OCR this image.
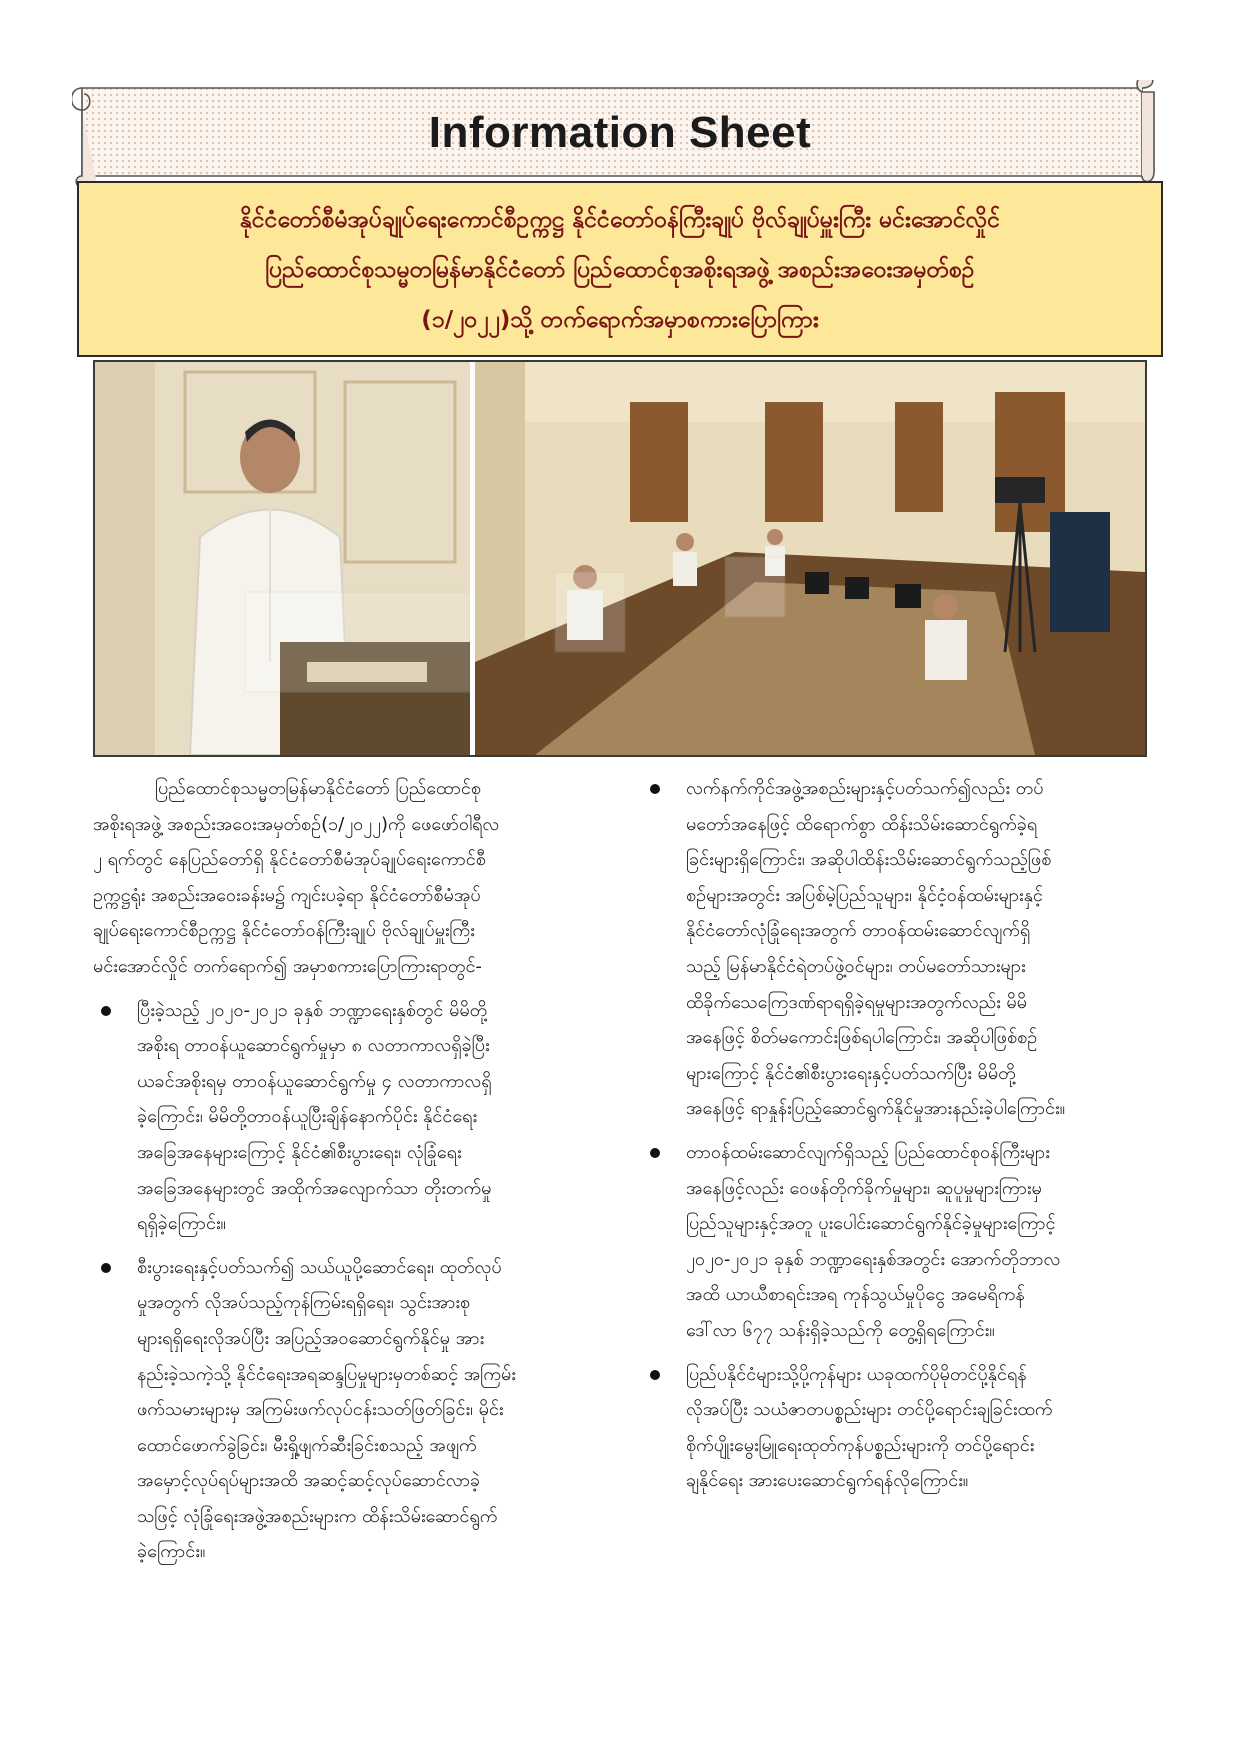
Information Sheet
နိုင်ငံတော်စီမံအုပ်ချုပ်ရေးကောင်စီဥက္ကဋ္ဌ နိုင်ငံတော်ဝန်ကြီးချုပ် ဗိုလ်ချုပ်မှူးကြီး မင်းအောင်လှိုင်
ပြည်ထောင်စုသမ္မတမြန်မာနိုင်ငံတော် ပြည်ထောင်စုအစိုးရအဖွဲ့ အစည်းအဝေးအမှတ်စဉ်
(၁/၂၀၂၂)သို့ တက်ရောက်အမှာစကားပြောကြား
ပြည်ထောင်စုသမ္မတမြန်မာနိုင်ငံတော် ပြည်ထောင်စု
အစိုးရအဖွဲ့ အစည်းအဝေးအမှတ်စဉ်(၁/၂၀၂၂)ကို ဖေဖော်ဝါရီလ
၂ ရက်တွင် နေပြည်တော်ရှိ နိုင်ငံတော်စီမံအုပ်ချုပ်ရေးကောင်စီ
ဥက္ကဋ္ဌရုံး အစည်းအဝေးခန်းမ၌ ကျင်းပခဲ့ရာ နိုင်ငံတော်စီမံအုပ်
ချုပ်ရေးကောင်စီဥက္ကဋ္ဌ နိုင်ငံတော်ဝန်ကြီးချုပ် ဗိုလ်ချုပ်မှူးကြီး
မင်းအောင်လှိုင် တက်ရောက်၍ အမှာစကားပြောကြားရာတွင်-
ပြီးခဲ့သည့် ၂၀၂၀-၂၀၂၁ ခုနှစ် ဘဏ္ဍာရေးနှစ်တွင် မိမိတို့
အစိုးရ တာဝန်ယူဆောင်ရွက်မှုမှာ ၈ လတာကာလရှိခဲ့ပြီး
ယခင်အစိုးရမှ တာဝန်ယူဆောင်ရွက်မှု ၄ လတာကာလရှိ
ခဲ့ကြောင်း၊ မိမိတို့တာဝန်ယူပြီးချိန်နောက်ပိုင်း နိုင်ငံရေး
အခြေအနေများကြောင့် နိုင်ငံ၏စီးပွားရေး၊ လုံခြုံရေး
အခြေအနေများတွင် အထိုက်အလျောက်သာ တိုးတက်မှု
ရရှိခဲ့ကြောင်း။
စီးပွားရေးနှင့်ပတ်သက်၍ သယ်ယူပို့ဆောင်ရေး၊ ထုတ်လုပ်
မှုအတွက် လိုအပ်သည့်ကုန်ကြမ်းရရှိရေး၊ သွင်းအားစု
များရရှိရေးလိုအပ်ပြီး အပြည့်အဝဆောင်ရွက်နိုင်မှု အား
နည်းခဲ့သကဲ့သို့ နိုင်ငံရေးအရဆန္ဒပြမှုများမှတစ်ဆင့် အကြမ်း
ဖက်သမားများမှ အကြမ်းဖက်လုပ်ငန်းသတ်ဖြတ်ခြင်း၊ မိုင်း
ထောင်ဖောက်ခွဲခြင်း၊ မီးရှို့ဖျက်ဆီးခြင်းစသည့် အဖျက်
အမှောင့်လုပ်ရပ်များအထိ အဆင့်ဆင့်လုပ်ဆောင်လာခဲ့
သဖြင့် လုံခြုံရေးအဖွဲ့အစည်းများက ထိန်းသိမ်းဆောင်ရွက်
ခဲ့ကြောင်း။
လက်နက်ကိုင်အဖွဲ့အစည်းများနှင့်ပတ်သက်၍လည်း တပ်
မတော်အနေဖြင့် ထိရောက်စွာ ထိန်းသိမ်းဆောင်ရွက်ခဲ့ရ
ခြင်းများရှိကြောင်း၊ အဆိုပါထိန်းသိမ်းဆောင်ရွက်သည့်ဖြစ်
စဉ်များအတွင်း အပြစ်မဲ့ပြည်သူများ၊ နိုင်ငံ့ဝန်ထမ်းများနှင့်
နိုင်ငံတော်လုံခြုံရေးအတွက် တာဝန်ထမ်းဆောင်လျက်ရှိ
သည့် မြန်မာနိုင်ငံရဲတပ်ဖွဲ့ဝင်များ၊ တပ်မတော်သားများ
ထိခိုက်သေကြေဒဏ်ရာရရှိခဲ့ရမှုများအတွက်လည်း မိမိ
အနေဖြင့် စိတ်မကောင်းဖြစ်ရပါကြောင်း၊ အဆိုပါဖြစ်စဉ်
များကြောင့် နိုင်ငံ၏စီးပွားရေးနှင့်ပတ်သက်ပြီး မိမိတို့
အနေဖြင့် ရာနှုန်းပြည့်ဆောင်ရွက်နိုင်မှုအားနည်းခဲ့ပါကြောင်း။
တာဝန်ထမ်းဆောင်လျက်ရှိသည့် ပြည်ထောင်စုဝန်ကြီးများ
အနေဖြင့်လည်း ဝေဖန်တိုက်ခိုက်မှုများ၊ ဆူပူမှုများကြားမှ
ပြည်သူများနှင့်အတူ ပူးပေါင်းဆောင်ရွက်နိုင်ခဲ့မှုများကြောင့်
၂၀၂၀-၂၀၂၁ ခုနှစ် ဘဏ္ဍာရေးနှစ်အတွင်း အောက်တိုဘာလ
အထိ ယာယီစာရင်းအရ ကုန်သွယ်မှုပိုငွေ အမေရိကန်
ဒေါ်လာ ၆၇၇ သန်းရှိခဲ့သည်ကို တွေ့ရှိရကြောင်း။
ပြည်ပနိုင်ငံများသို့ပို့ကုန်များ ယခုထက်ပိုမိုတင်ပို့နိုင်ရန်
လိုအပ်ပြီး သယံဇာတပစ္စည်းများ တင်ပို့ရောင်းချခြင်းထက်
စိုက်ပျိုးမွေးမြူရေးထုတ်ကုန်ပစ္စည်းများကို တင်ပို့ရောင်း
ချနိုင်ရေး အားပေးဆောင်ရွက်ရန်လိုကြောင်း။
